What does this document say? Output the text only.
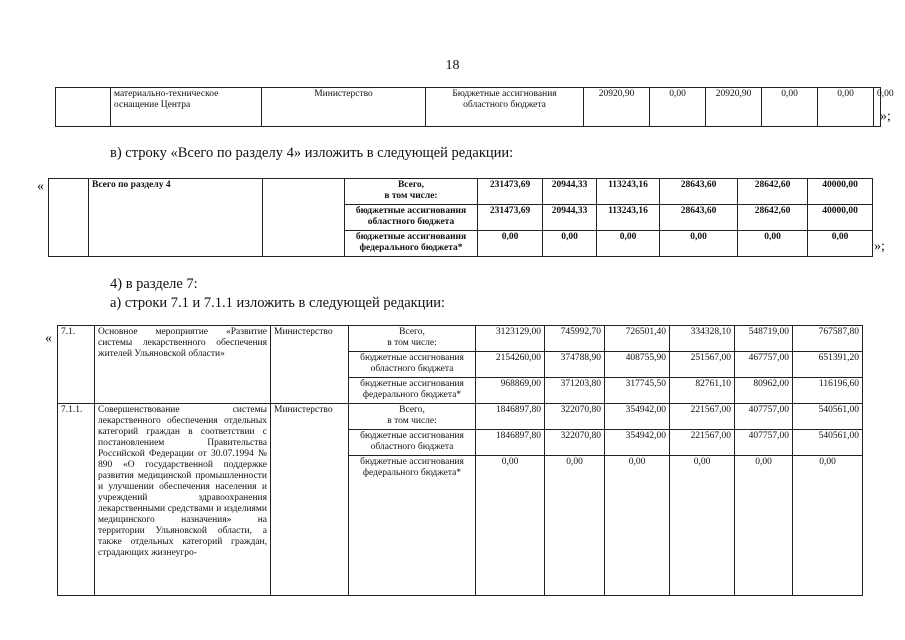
18
	материально-техническое оснащение Центра	Министерство	Бюджетные ассигнования областного бюджета	20920,90	0,00	20920,90	0,00	0,00	0,00
»;
в) строку «Всего по разделу 4» изложить в следующей редакции:
«
		Всего по разделу 4		Всего,
в том числе:	231473,69	20944,33	113243,16	28643,60	28642,60	40000,00

			бюджетные ассигнования
областного бюджета	231473,69	20944,33	113243,16	28643,60	28642,60	40000,00

			бюджетные ассигнования
федерального бюджета*	0,00	0,00	0,00	0,00	0,00	0,00
»;
4) в разделе 7:
а) строки 7.1 и 7.1.1 изложить в следующей редакции:
« 7.1.	Основное мероприятие «Развитие системы лекарственного обеспечения жителей Ульяновской области»	Министерство	Всего,
в том числе:	3123129,00	745992,70	726501,40	334328,10	548719,00	767587,80

			бюджетные ассигнования
областного бюджета	2154260,00	374788,90	408755,90	251567,00	467757,00	651391,20

			бюджетные ассигнования
федерального бюджета*	968869,00	371203,80	317745,50	82761,10	80962,00	116196,60
7.1.1.	Совершенствование системы лекарственного обеспечения отдельных категорий граждан в соответствии с постановлением Правительства Российской Федерации от 30.07.1994 № 890 «О государственной поддержке развития медицинской промышленности и улучшении обеспечения населения и учреждений здравоохранения лекарственными средствами и изделиями медицинского назначения» на территории Ульяновской области, а также отдельных категорий граждан, страдающих жизнеугро-	Министерство	Всего,
в том числе:	1846897,80	322070,80	354942,00	221567,00	407757,00	540561,00

			бюджетные ассигнования
областного бюджета	1846897,80	322070,80	354942,00	221567,00	407757,00	540561,00

			бюджетные ассигнования
федерального бюджета*	0,00	0,00	0,00	0,00	0,00	0,00
